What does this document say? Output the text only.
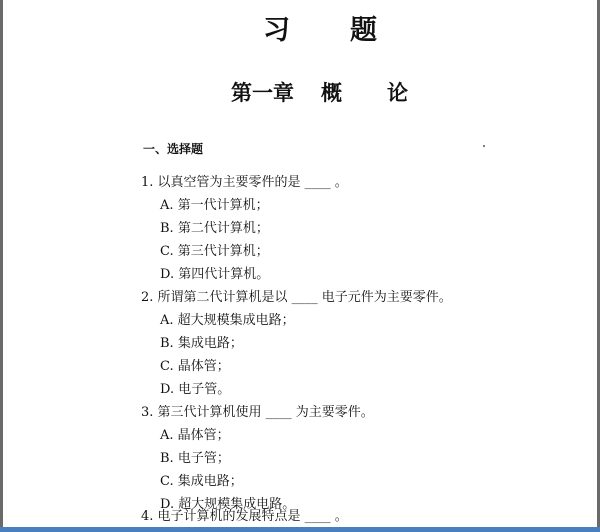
习 题
第一章 概 论
一、选择题
1. 以真空管为主要零件的是 ____ 。
A. 第一代计算机；
B. 第二代计算机；
C. 第三代计算机；
D. 第四代计算机。
2. 所谓第二代计算机是以 ____ 电子元件为主要零件。
A. 超大规模集成电路；
B. 集成电路；
C. 晶体管；
D. 电子管。
3. 第三代计算机使用 ____ 为主要零件。
A. 晶体管；
B. 电子管；
C. 集成电路；
D. 超大规模集成电路。
4. 电子计算机的发展特点是 ____ 。
